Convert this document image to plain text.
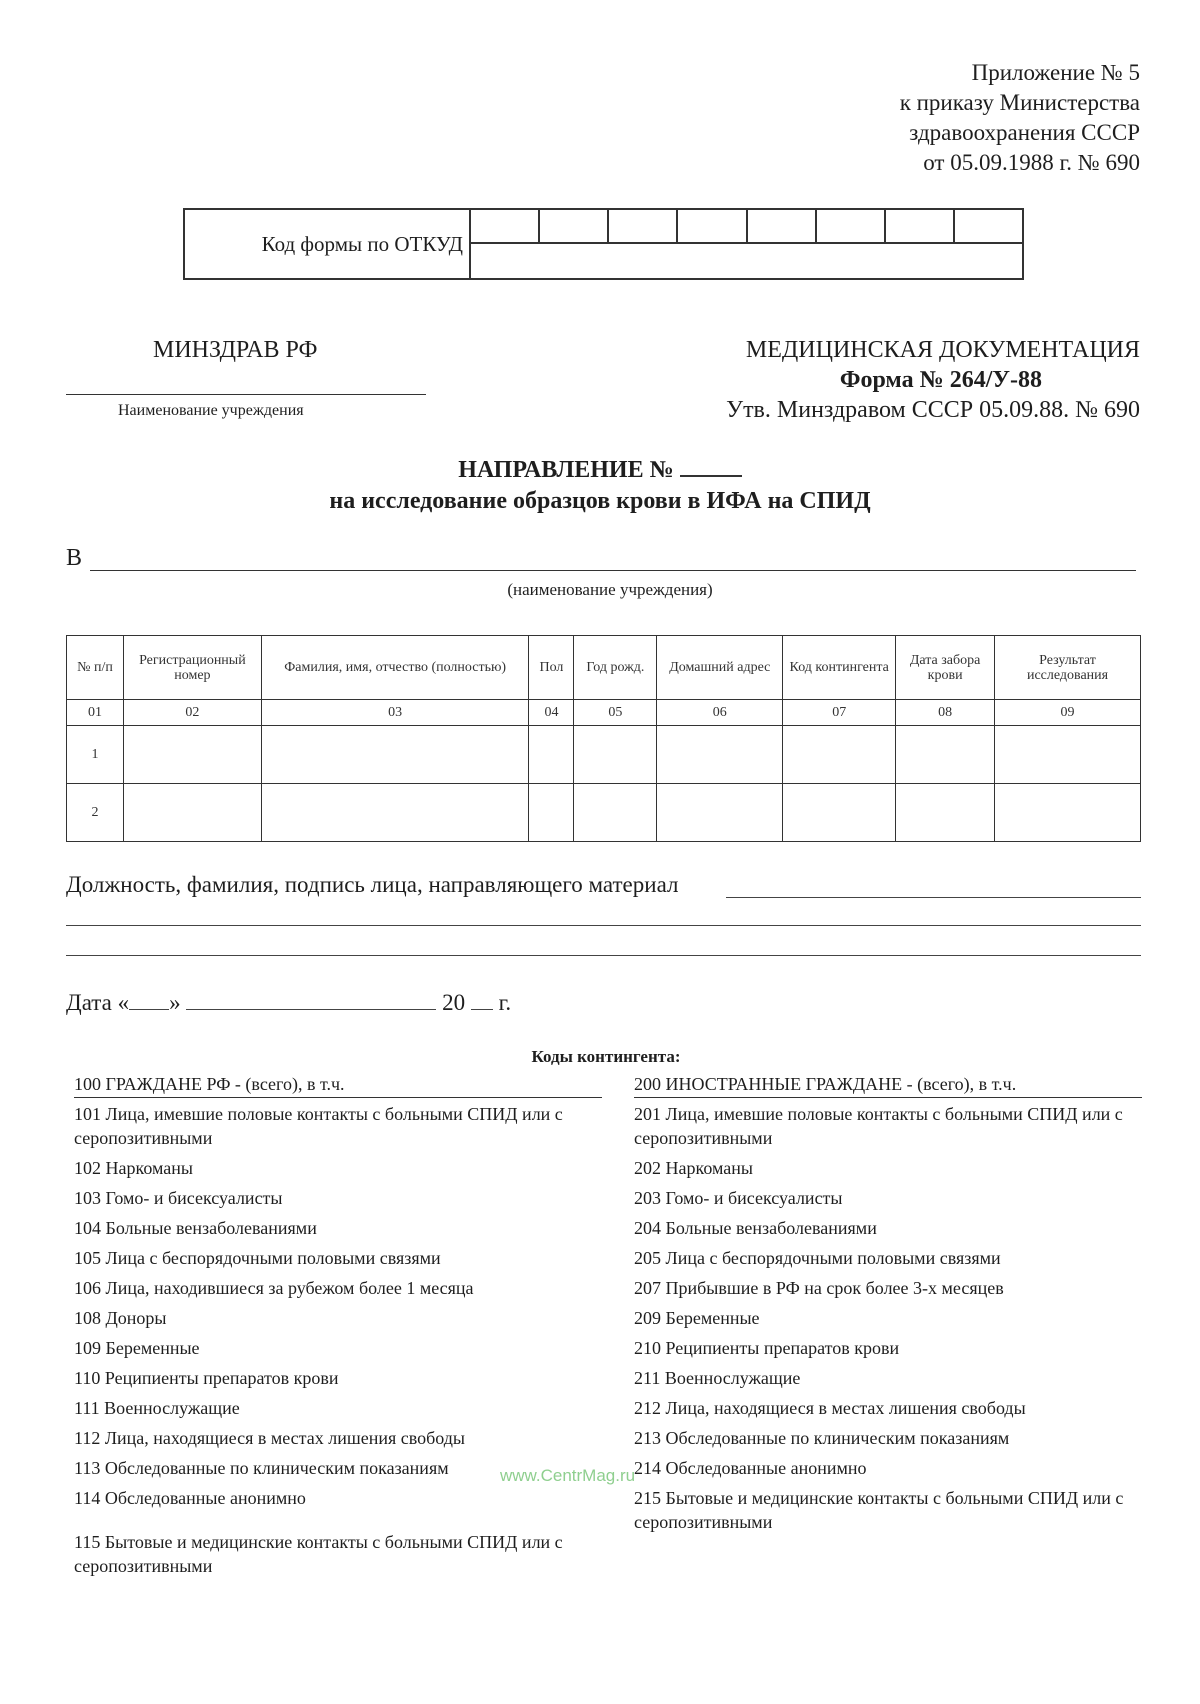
Приложение № 5
к приказу Министерства
здравоохранения СССР
от 05.09.1988 г. № 690
Код формы по ОТКУД
МИНЗДРАВ РФ
Наименование учреждения
МЕДИЦИНСКАЯ ДОКУМЕНТАЦИЯ
Форма № 264/У-88
Утв. Минздравом СССР 05.09.88. № 690
НАПРАВЛЕНИЕ №
на исследование образцов крови в ИФА на СПИД
В
(наименование учреждения)
№ п/п	Регистрационный номер	Фамилия, имя, отчество (полностью)	Пол	Год рожд.	Домашний адрес	Код контингента	Дата забора крови	Результат исследования
01	02	03	04	05	06	07	08	09
1								
2								
Должность, фамилия, подпись лица, направляющего материал
Дата « »	20 г.
Коды контингента:
100 ГРАЖДАНЕ РФ - (всего), в т.ч.
101 Лица, имевшие половые контакты с больными СПИД или с серопозитивными
102 Наркоманы
103 Гомо- и бисексуалисты
104 Больные вензаболеваниями
105 Лица с беспорядочными половыми связями
106 Лица, находившиеся за рубежом более 1 месяца
108 Доноры
109 Беременные
110 Реципиенты препаратов крови
111 Военнослужащие
112 Лица, находящиеся в местах лишения свободы
113 Обследованные по клиническим показаниям
114 Обследованные анонимно
115 Бытовые и медицинские контакты с больными СПИД или с серопозитивными
200 ИНОСТРАННЫЕ ГРАЖДАНЕ - (всего), в т.ч.
201 Лица, имевшие половые контакты с больными СПИД или с серопозитивными
202 Наркоманы
203 Гомо- и бисексуалисты
204 Больные вензаболеваниями
205 Лица с беспорядочными половыми связями
207 Прибывшие в РФ на срок более 3-х месяцев
209 Беременные
210 Реципиенты препаратов крови
211 Военнослужащие
212 Лица, находящиеся в местах лишения свободы
213 Обследованные по клиническим показаниям
214 Обследованные анонимно
215 Бытовые и медицинские контакты с больными СПИД или с серопозитивными
www.CentrMag.ru
